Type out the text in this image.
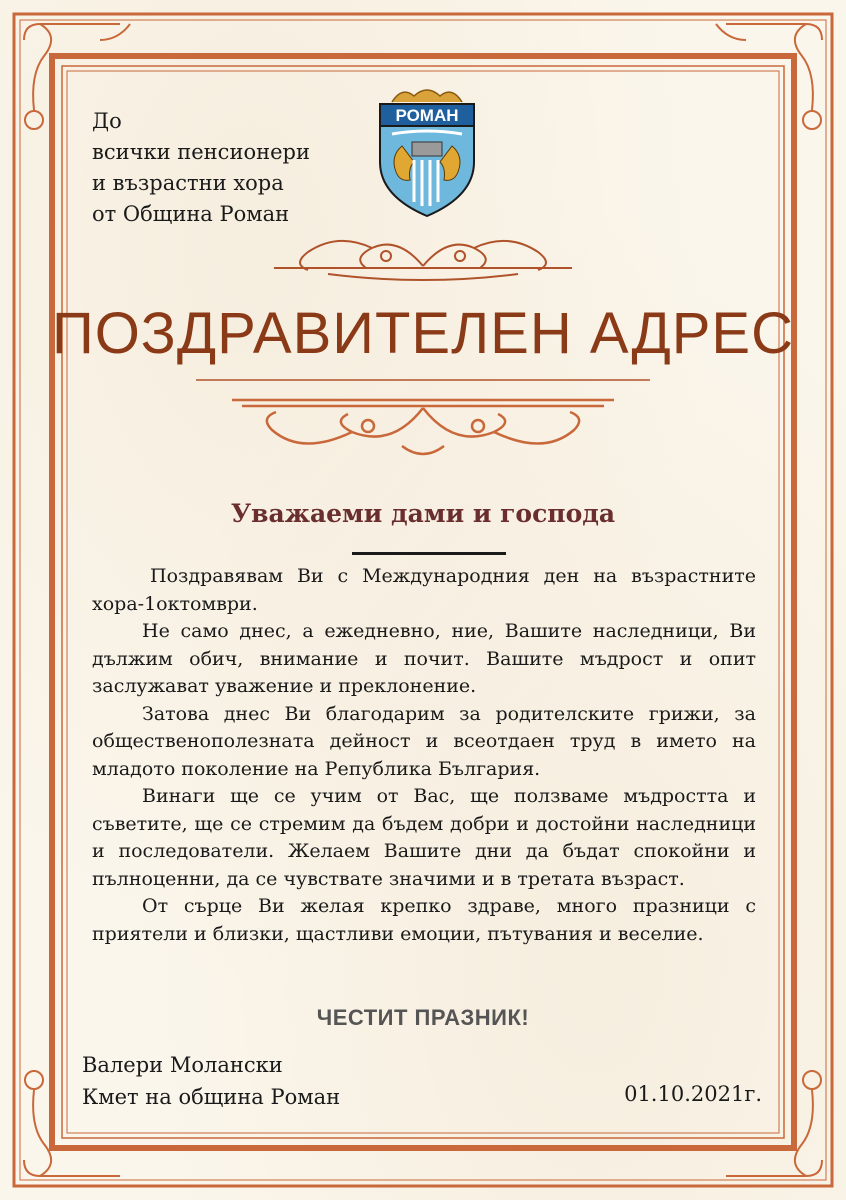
До
всички пенсионери
и възрастни хора
от Община Роман
РОМАН
ПОЗДРАВИТЕЛЕН АДРЕС
Уважаеми дами и господа

Поздравявам Ви с Международния ден на възрастните хора-1октомври.

Не само днес, а ежедневно, ние, Вашите наследници, Ви дължим обич, внимание и почит. Вашите мъдрост и опит заслужават уважение и преклонение.

Затова днес Ви благодарим за родителските грижи, за общественополезната дейност и всеотдаен труд в името на младото поколение на Република България.

Винаги ще се учим от Вас, ще ползваме мъдростта и съветите, ще се стремим да бъдем добри и достойни наследници и последователи. Желаем Вашите дни да бъдат спокойни и пълноценни, да се чувствате значими и в третата възраст.

От сърце Ви желая крепко здраве, много празници с приятели и близки, щастливи емоции, пътувания и веселие.

ЧЕСТИТ ПРАЗНИК!
Валери Молански
Кмет на община Роман	01.10.2021г.
